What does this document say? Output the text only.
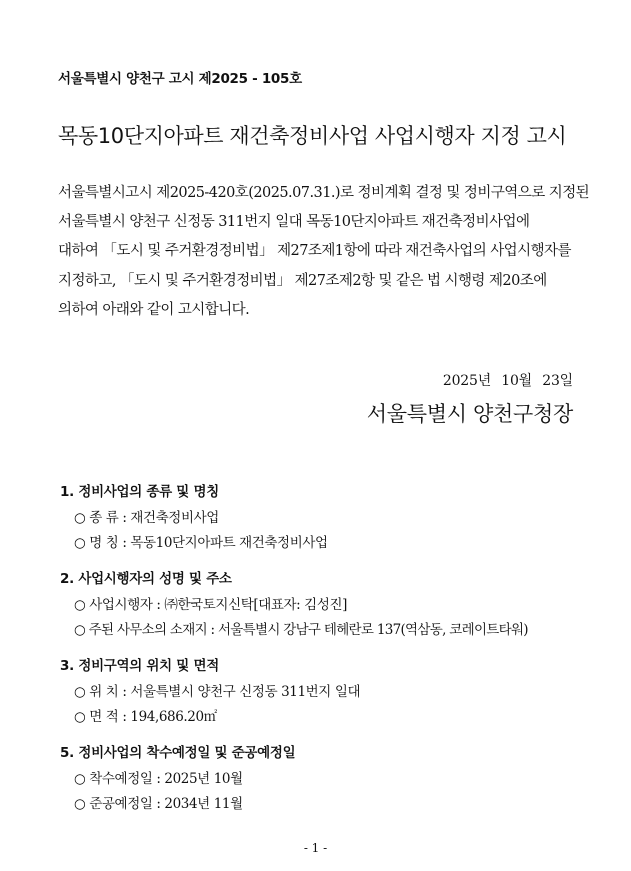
서울특별시 양천구 고시 제2025 - 105호
목동10단지아파트 재건축정비사업 사업시행자 지정 고시
서울특별시고시 제2025-420호(2025.07.31.)로 정비계획 결정 및 정비구역으로 지정된
서울특별시 양천구 신정동 311번지 일대 목동10단지아파트 재건축정비사업에
대하여 「도시 및 주거환경정비법」 제27조제1항에 따라 재건축사업의 사업시행자를
지정하고, 「도시 및 주거환경정비법」 제27조제2항 및 같은 법 시행령 제20조에
의하여 아래와 같이 고시합니다.
2025년 10월 23일
서울특별시 양천구청장
1. 정비사업의 종류 및 명칭
○ 종 류 : 재건축정비사업
○ 명 칭 : 목동10단지아파트 재건축정비사업
2. 사업시행자의 성명 및 주소
○ 사업시행자 : ㈜한국토지신탁[대표자: 김성진]
○ 주된 사무소의 소재지 : 서울특별시 강남구 테헤란로 137(역삼동, 코레이트타워)
3. 정비구역의 위치 및 면적
○ 위 치 : 서울특별시 양천구 신정동 311번지 일대
○ 면 적 : 194,686.20㎡
5. 정비사업의 착수예정일 및 준공예정일
○ 착수예정일 : 2025년 10월
○ 준공예정일 : 2034년 11월
- 1 -
